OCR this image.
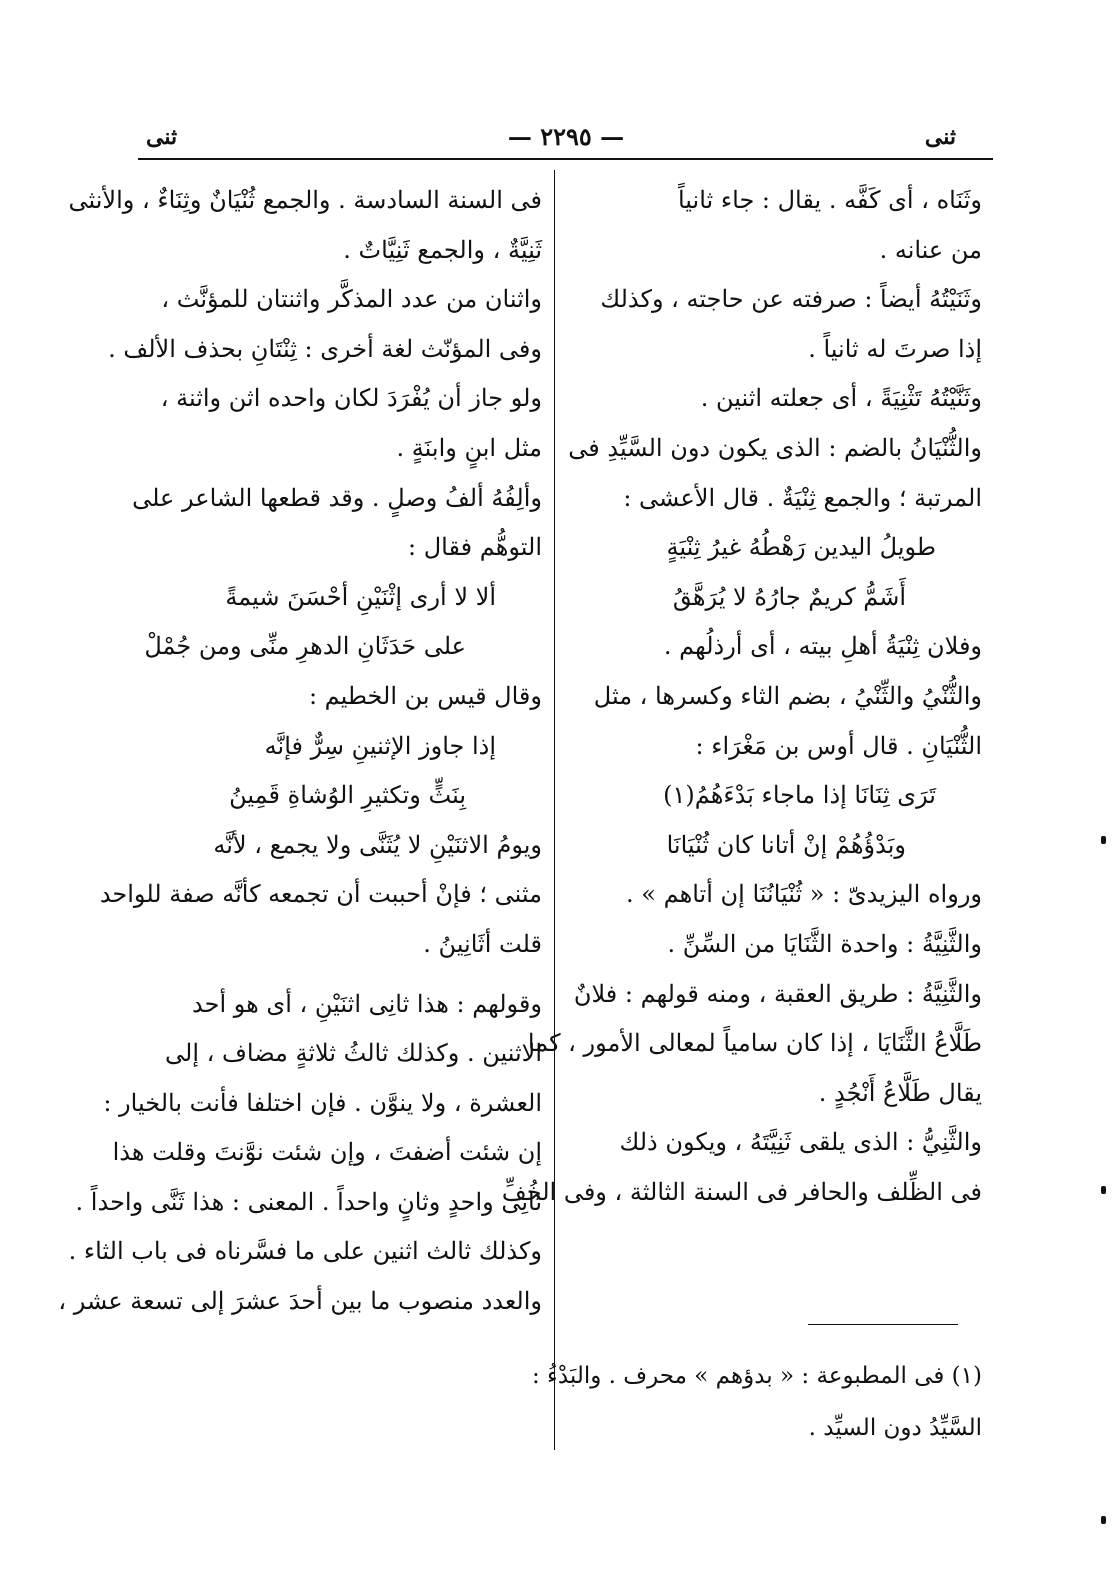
ثنى
— ٢٢٩٥ —
ثنى

وثَنَاه ، أى كَفَّه . يقال : جاء ثانياً

من عنانه .

وثَنَيْتُهُ أيضاً : صرفته عن حاجته ، وكذلك

إذا صرتَ له ثانياً .

وثَنَّيْتُهُ تَثْنِيَةً ، أى جعلته اثنين .

والثُّنْيَانُ بالضم : الذى يكون دون السَّيِّدِ فى

المرتبة ؛ والجمع ثِنْيَةٌ . قال الأعشى :

طويلُ اليدين رَهْطُهُ غيرُ ثِنْيَةٍ

أَشَمُّ كريمٌ جارُهُ لا يُرَهَّقُ

وفلان ثِنْيَةُ أهلِ بيته ، أى أرذلُهم .

والثُّنْيُ والثِّنْيُ ، بضم الثاء وكسرها ، مثل

الثُّنْيَانِ . قال أوس بن مَغْرَاء :

تَرَى ثِنَانَا إذا ماجاء بَدْءَهُمُ(١)

وبَدْؤُهُمْ إنْ أتانا كان ثُنْيَانَا

ورواه اليزيدىّ : « ثُنْيَانُنَا إن أتاهم » .

والثَّنِيَّةُ : واحدة الثَّنَايَا من السِّنِّ .

والثَّنِيَّةُ : طريق العقبة ، ومنه قولهم : فلانٌ

طَلَّاعُ الثَّنَايَا ، إذا كان سامياً لمعالى الأمور ، كما

يقال طَلَّاعُ أَنْجُدٍ .

والثَّنِيُّ : الذى يلقى ثَنِيَّتَهُ ، ويكون ذلك

فى الظِّلف والحافر فى السنة الثالثة ، وفى الخُفِّ

(١) فى المطبوعة : « بدؤهم » محرف . والبَدْءُ :

السَّيِّدُ دون السيِّد .

فى السنة السادسة . والجمع ثُنْيَانٌ وثِنَاءٌ ، والأنثى

ثَنِيَّةٌ ، والجمع ثَنِيَّاتٌ .

واثنان من عدد المذكَّر واثنتان للمؤنَّث ،

وفى المؤنّث لغة أخرى : ثِنْتَانِ بحذف الألف .

ولو جاز أن يُفْرَدَ لكان واحده اثن واثنة ،

مثل ابنٍ وابنَةٍ .

وألِفُهُ ألفُ وصلٍ . وقد قطعها الشاعر على

التوهُّم فقال :

ألا لا أرى إثْنَيْنِ أحْسَنَ شيمةً

على حَدَثَانِ الدهرِ منِّى ومن جُمْلْ

وقال قيس بن الخطيم :

إذا جاوز الإثنينِ سِرٌّ فإنَّه

بِنَثٍّ وتكثيرِ الوُشاةِ قَمِينُ

ويومُ الاثنَيْنِ لا يُثَنَّى ولا يجمع ، لأنَّه

مثنى ؛ فإنْ أحببت أن تجمعه كأنَّه صفة للواحد

قلت أثَانِينُ .

وقولهم : هذا ثانِى اثنَيْنِ ، أى هو أحد

الاثنين . وكذلك ثالثُ ثلاثةٍ مضاف ، إلى

العشرة ، ولا ينوَّن . فإن اختلفا فأنت بالخيار :

إن شئت أضفتَ ، وإن شئت نوَّنتَ وقلت هذا

ثانِى واحدٍ وثانٍ واحداً . المعنى : هذا ثَنَّى واحداً .

وكذلك ثالث اثنين على ما فسَّرناه فى باب الثاء .

والعدد منصوب ما بين أحدَ عشرَ إلى تسعة عشر ،
